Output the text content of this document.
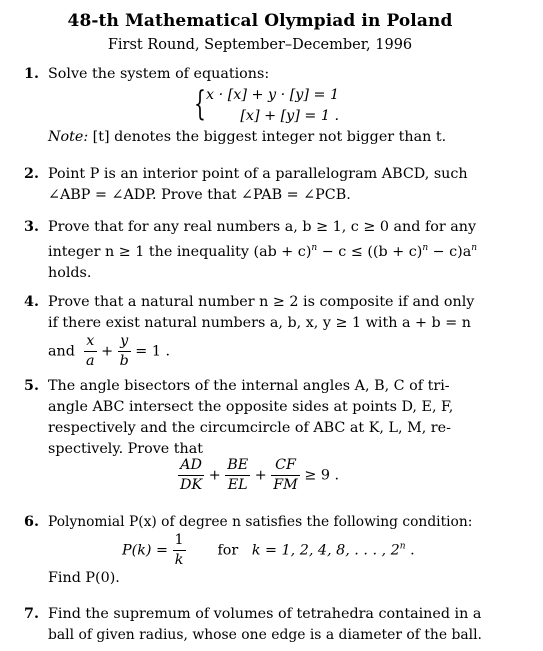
48-th Mathematical Olympiad in Poland
First Round, September–December, 1996
1. Solve the system of equations:
{ x · [x] + y · [y] = 1
[x] + [y] = 1 .
Note: [t] denotes the biggest integer not bigger than t.
2. Point P is an interior point of a parallelogram ABCD, such
∠ABP = ∠ADP. Prove that ∠PAB = ∠PCB.
3. Prove that for any real numbers a, b ≥ 1, c ≥ 0 and for any
integer n ≥ 1 the inequality $(ab + c)^n - c \le ((b + c)^n - c)a^n$
holds.
4. Prove that a natural number n ≥ 2 is composite if and only
if there exist natural numbers a, b, x, y ≥ 1 with a + b = n
and $\frac{x}{a} + \frac{y}{b} = 1$ .
5. The angle bisectors of the internal angles A, B, C of tri-
angle ABC intersect the opposite sides at points D, E, F,
respectively and the circumcircle of ABC at K, L, M, re-
spectively. Prove that
$\frac{AD}{DK} + \frac{BE}{EL} + \frac{CF}{FM} \ge 9$ .
6. Polynomial P(x) of degree n satisfies the following condition:
$P(k) = \frac{1}{k}$ for k = 1, 2, 4, 8, . . . , 2$^n$ .
Find P(0).
7. Find the supremum of volumes of tetrahedra contained in a
ball of given radius, whose one edge is a diameter of the ball.
